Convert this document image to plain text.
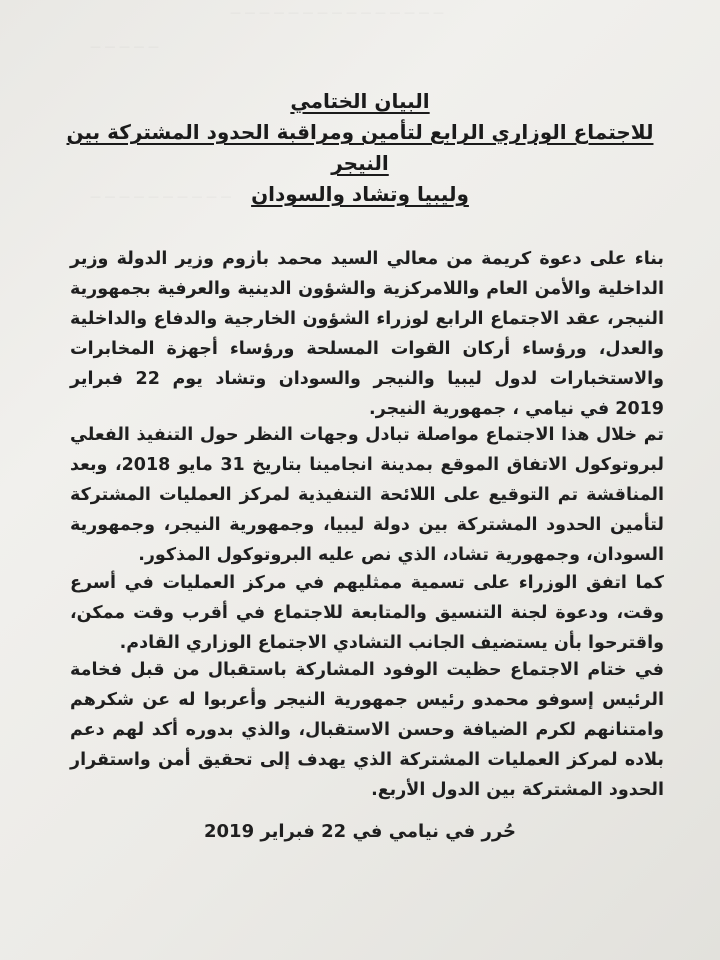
— — — — — — — — — — — — — — —
— — — — —
— — — — — — — — — —
البيان الختامي
للاجتماع الوزاري الرابع لتأمين ومراقبة الحدود المشتركة بين النيجر
وليبيا وتشاد والسودان
بناء على دعوة كريمة من معالي السيد محمد بازوم وزير الدولة وزير الداخلية والأمن العام واللامركزية والشؤون الدينية والعرفية بجمهورية النيجر، عقد الاجتماع الرابع لوزراء الشؤون الخارجية والدفاع والداخلية والعدل، ورؤساء أركان القوات المسلحة ورؤساء أجهزة المخابرات والاستخبارات لدول ليبيا والنيجر والسودان وتشاد يوم 22 فبراير 2019 في نيامي ، جمهورية النيجر.
تم خلال هذا الاجتماع مواصلة تبادل وجهات النظر حول التنفيذ الفعلي لبروتوكول الاتفاق الموقع بمدينة انجامينا بتاريخ 31 مايو 2018، وبعد المناقشة تم التوقيع على اللائحة التنفيذية لمركز العمليات المشتركة لتأمين الحدود المشتركة بين دولة ليبيا، وجمهورية النيجر، وجمهورية السودان، وجمهورية تشاد، الذي نص عليه البروتوكول المذكور.
كما اتفق الوزراء على تسمية ممثليهم في مركز العمليات في أسرع وقت، ودعوة لجنة التنسيق والمتابعة للاجتماع في أقرب وقت ممكن، واقترحوا بأن يستضيف الجانب التشادي الاجتماع الوزاري القادم.
في ختام الاجتماع حظيت الوفود المشاركة باستقبال من قبل فخامة الرئيس إسوفو محمدو رئيس جمهورية النيجر وأعربوا له عن شكرهم وامتنانهم لكرم الضيافة وحسن الاستقبال، والذي بدوره أكد لهم دعم بلاده لمركز العمليات المشتركة الذي يهدف إلى تحقيق أمن واستقرار الحدود المشتركة بين الدول الأربع.
حُرر في نيامي في 22 فبراير 2019
